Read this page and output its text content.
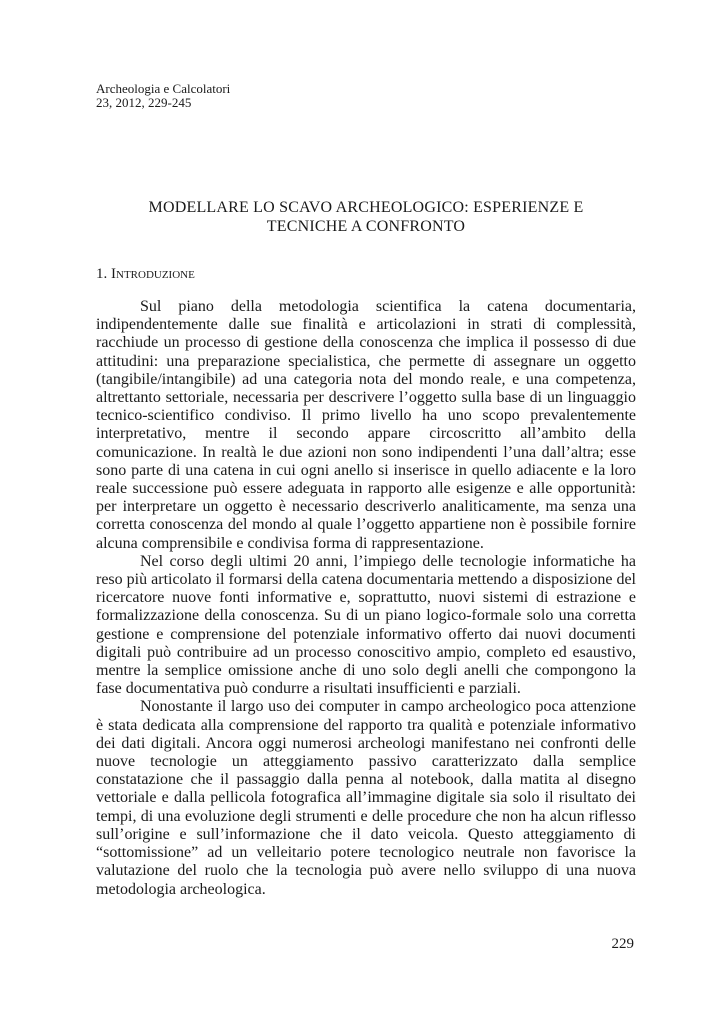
Archeologia e Calcolatori
23, 2012, 229-245
MODELLARE LO SCAVO ARCHEOLOGICO: ESPERIENZE E
TECNICHE A CONFRONTO
1. Introduzione

Sul piano della metodologia scientifica la catena documentaria, indipendentemente dalle sue finalità e articolazioni in strati di complessità, racchiude un processo di gestione della conoscenza che implica il possesso di due attitudini: una preparazione specialistica, che permette di assegnare un oggetto (tangibile/intangibile) ad una categoria nota del mondo reale, e una competenza, altrettanto settoriale, necessaria per descrivere l’oggetto sulla base di un linguaggio tecnico-scientifico condiviso. Il primo livello ha uno scopo prevalentemente interpretativo, mentre il secondo appare circoscritto all’ambito della comunicazione. In realtà le due azioni non sono indipendenti l’una dall’altra; esse sono parte di una catena in cui ogni anello si inserisce in quello adiacente e la loro reale successione può essere adeguata in rapporto alle esigenze e alle opportunità: per interpretare un oggetto è necessario descriverlo analiticamente, ma senza una corretta conoscenza del mondo al quale l’oggetto appartiene non è possibile fornire alcuna comprensibile e condivisa forma di rappresentazione.

Nel corso degli ultimi 20 anni, l’impiego delle tecnologie informatiche ha reso più articolato il formarsi della catena documentaria mettendo a disposizione del ricercatore nuove fonti informative e, soprattutto, nuovi sistemi di estrazione e formalizzazione della conoscenza. Su di un piano logico-formale solo una corretta gestione e comprensione del potenziale informativo offerto dai nuovi documenti digitali può contribuire ad un processo conoscitivo ampio, completo ed esaustivo, mentre la semplice omissione anche di uno solo degli anelli che compongono la fase documentativa può condurre a risultati insufficienti e parziali.

Nonostante il largo uso dei computer in campo archeologico poca attenzione è stata dedicata alla comprensione del rapporto tra qualità e potenziale informativo dei dati digitali. Ancora oggi numerosi archeologi manifestano nei confronti delle nuove tecnologie un atteggiamento passivo caratterizzato dalla semplice constatazione che il passaggio dalla penna al notebook, dalla matita al disegno vettoriale e dalla pellicola fotografica all’immagine digitale sia solo il risultato dei tempi, di una evoluzione degli strumenti e delle procedure che non ha alcun riflesso sull’origine e sull’informazione che il dato veicola. Questo atteggiamento di “sottomissione” ad un velleitario potere tecnologico neutrale non favorisce la valutazione del ruolo che la tecnologia può avere nello sviluppo di una nuova metodologia archeologica.

229
